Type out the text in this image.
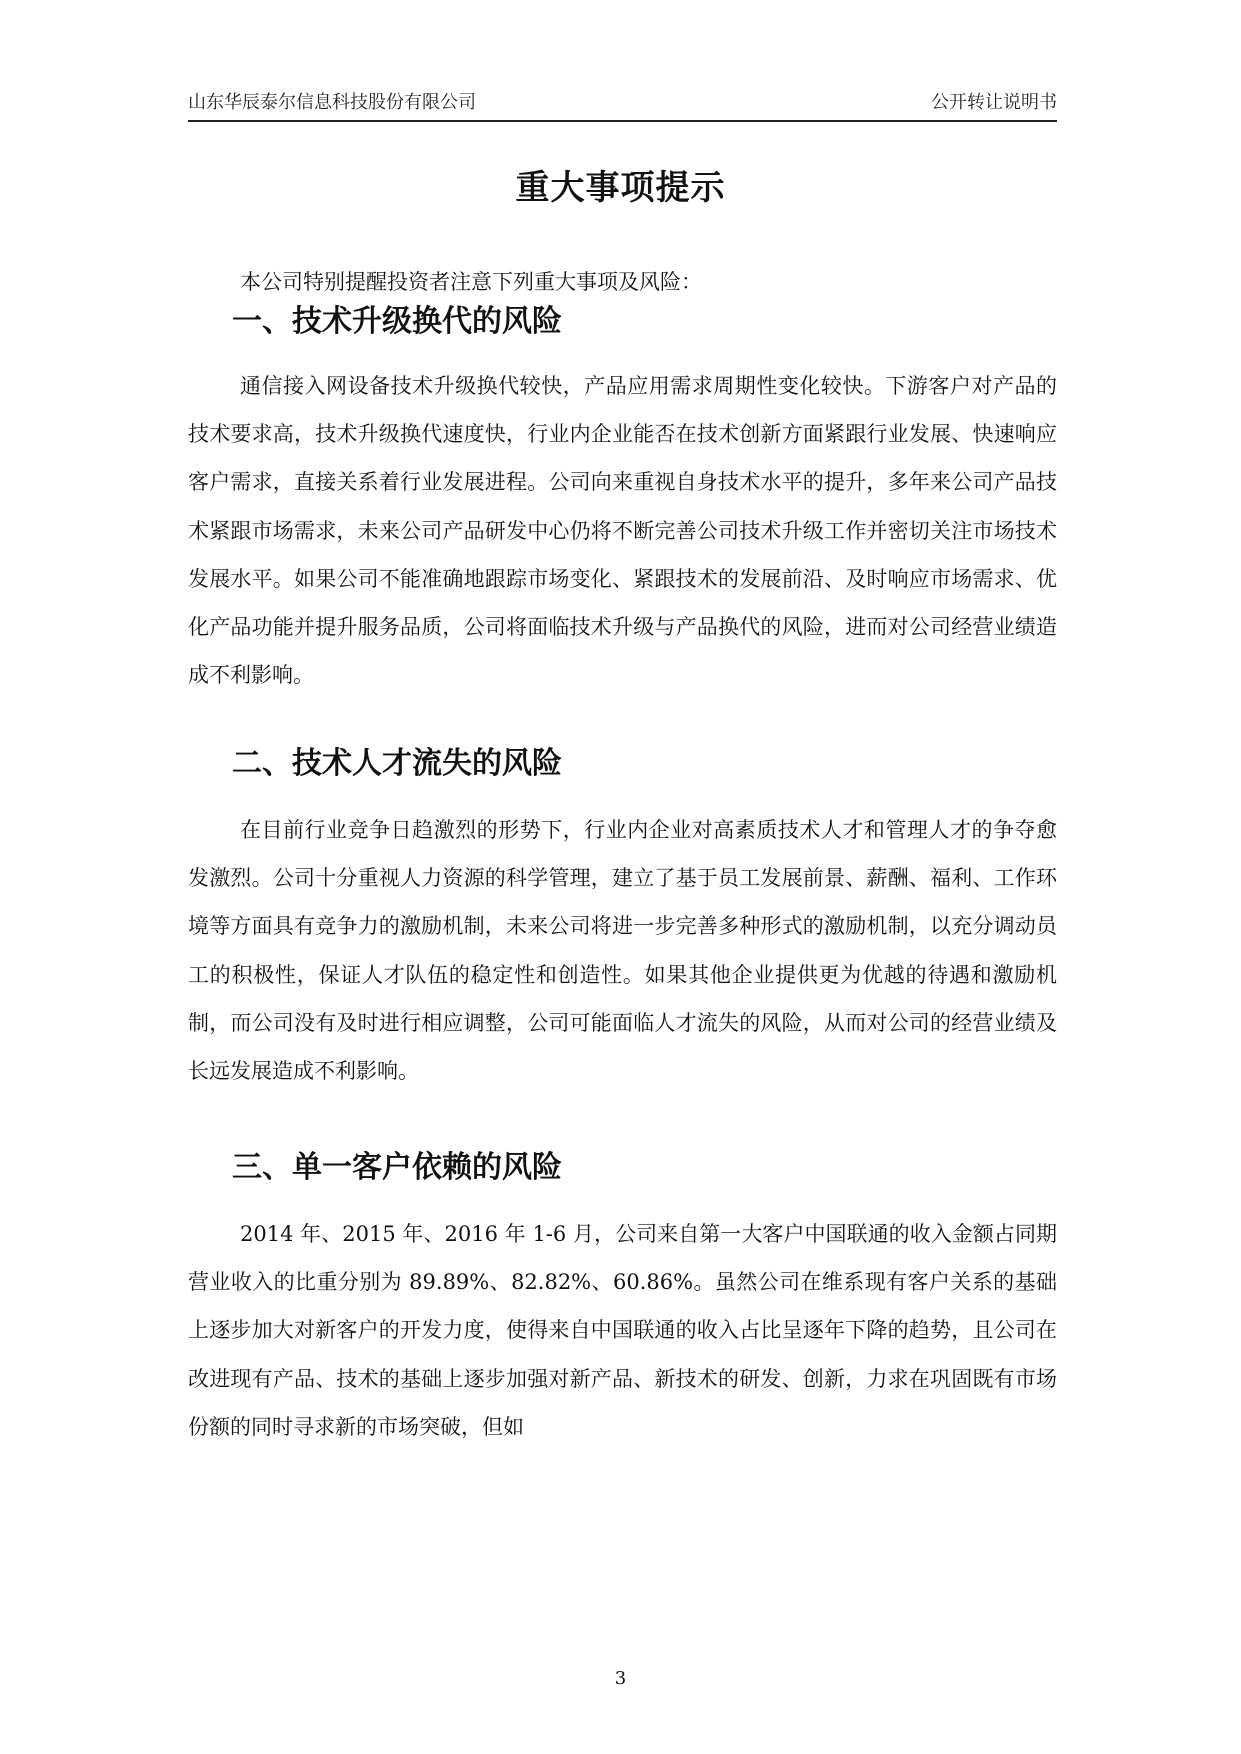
山东华辰泰尔信息科技股份有限公司	公开转让说明书
重大事项提示

本公司特别提醒投资者注意下列重大事项及风险：

一、技术升级换代的风险

通信接入网设备技术升级换代较快，产品应用需求周期性变化较快。下游客户对产品的技术要求高，技术升级换代速度快，行业内企业能否在技术创新方面紧跟行业发展、快速响应客户需求，直接关系着行业发展进程。公司向来重视自身技术水平的提升，多年来公司产品技术紧跟市场需求，未来公司产品研发中心仍将不断完善公司技术升级工作并密切关注市场技术发展水平。如果公司不能准确地跟踪市场变化、紧跟技术的发展前沿、及时响应市场需求、优化产品功能并提升服务品质，公司将面临技术升级与产品换代的风险，进而对公司经营业绩造成不利影响。

二、技术人才流失的风险

在目前行业竞争日趋激烈的形势下，行业内企业对高素质技术人才和管理人才的争夺愈发激烈。公司十分重视人力资源的科学管理，建立了基于员工发展前景、薪酬、福利、工作环境等方面具有竞争力的激励机制，未来公司将进一步完善多种形式的激励机制，以充分调动员工的积极性，保证人才队伍的稳定性和创造性。如果其他企业提供更为优越的待遇和激励机制，而公司没有及时进行相应调整，公司可能面临人才流失的风险，从而对公司的经营业绩及长远发展造成不利影响。

三、单一客户依赖的风险

2014 年、2015 年、2016 年 1-6 月，公司来自第一大客户中国联通的收入金额占同期营业收入的比重分别为 89.89%、82.82%、60.86%。虽然公司在维系现有客户关系的基础上逐步加大对新客户的开发力度，使得来自中国联通的收入占比呈逐年下降的趋势，且公司在改进现有产品、技术的基础上逐步加强对新产品、新技术的研发、创新，力求在巩固既有市场份额的同时寻求新的市场突破，但如

3
